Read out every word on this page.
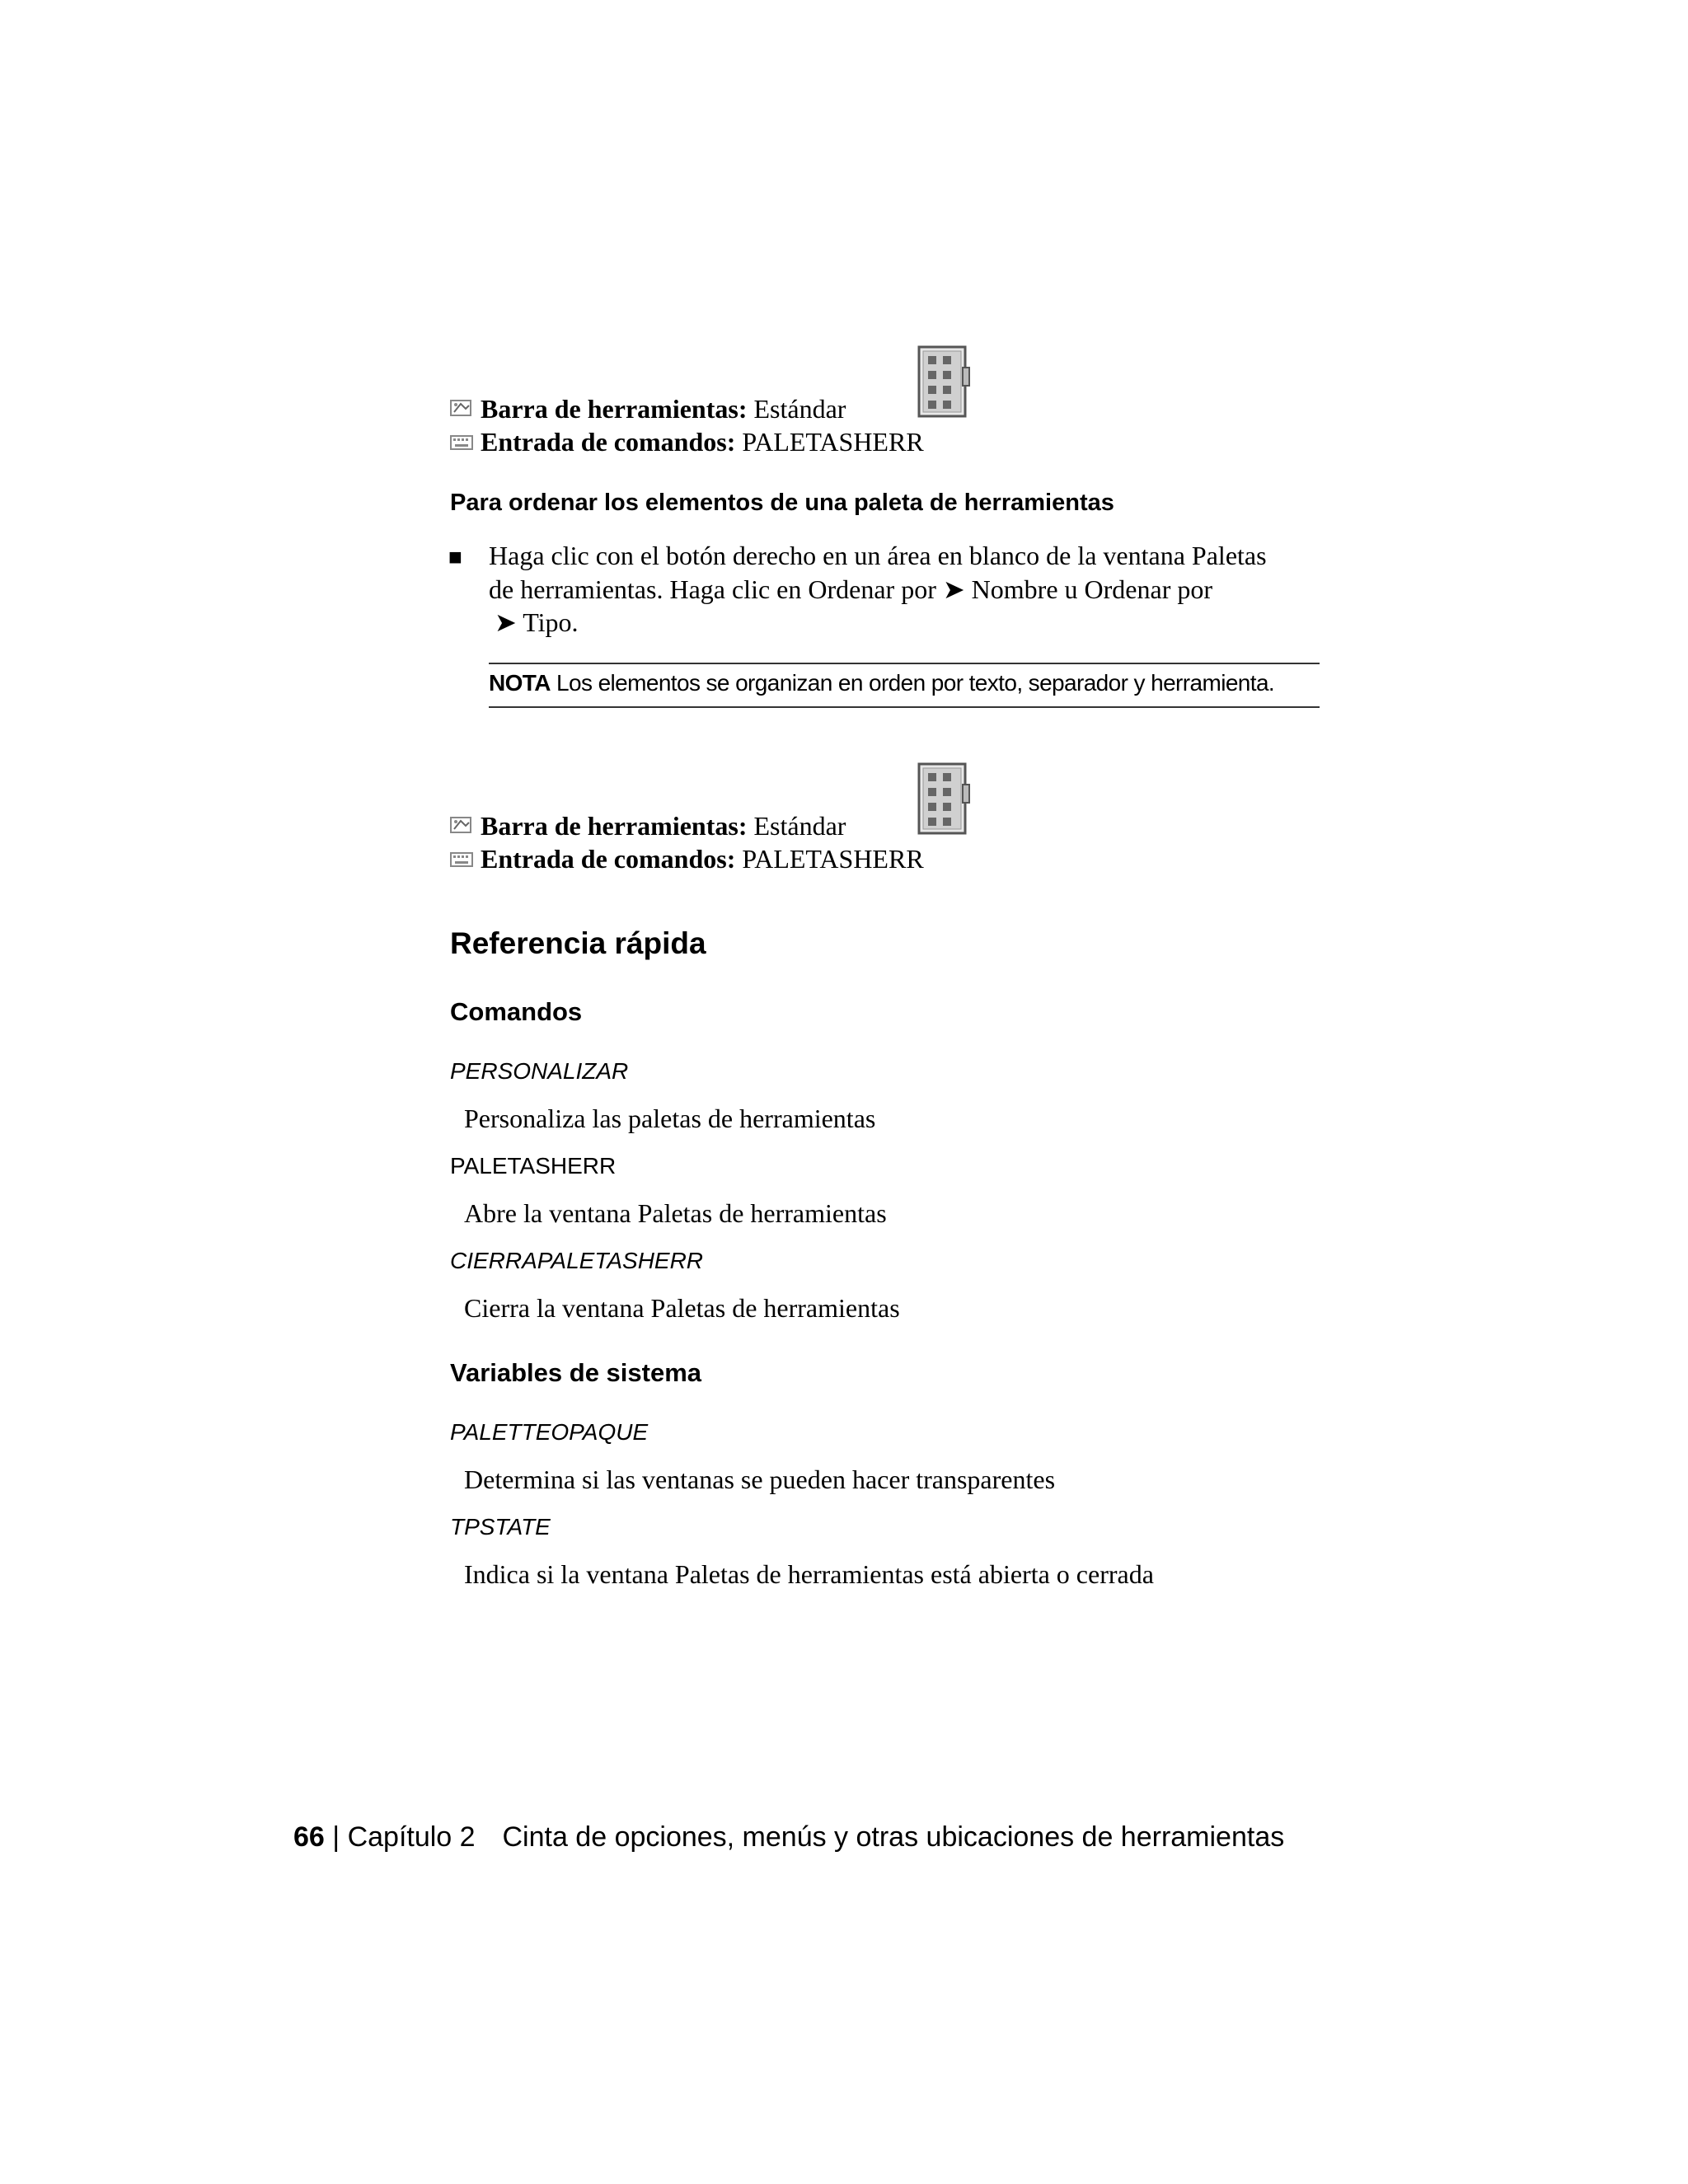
Barra de herramientas: Estándar
Entrada de comandos: PALETASHERR
Para ordenar los elementos de una paleta de herramientas
■ Haga clic con el botón derecho en un área en blanco de la ventana Paletas
de herramientas. Haga clic en Ordenar por ➤ Nombre u Ordenar por
➤ Tipo.
NOTA Los elementos se organizan en orden por texto, separador y herramienta.
Barra de herramientas: Estándar
Entrada de comandos: PALETASHERR
Referencia rápida
Comandos
PERSONALIZAR
Personaliza las paletas de herramientas
PALETASHERR
Abre la ventana Paletas de herramientas
CIERRAPALETASHERR
Cierra la ventana Paletas de herramientas
Variables de sistema
PALETTEOPAQUE
Determina si las ventanas se pueden hacer transparentes
TPSTATE
Indica si la ventana Paletas de herramientas está abierta o cerrada
66 | Capítulo 2 Cinta de opciones, menús y otras ubicaciones de herramientas
